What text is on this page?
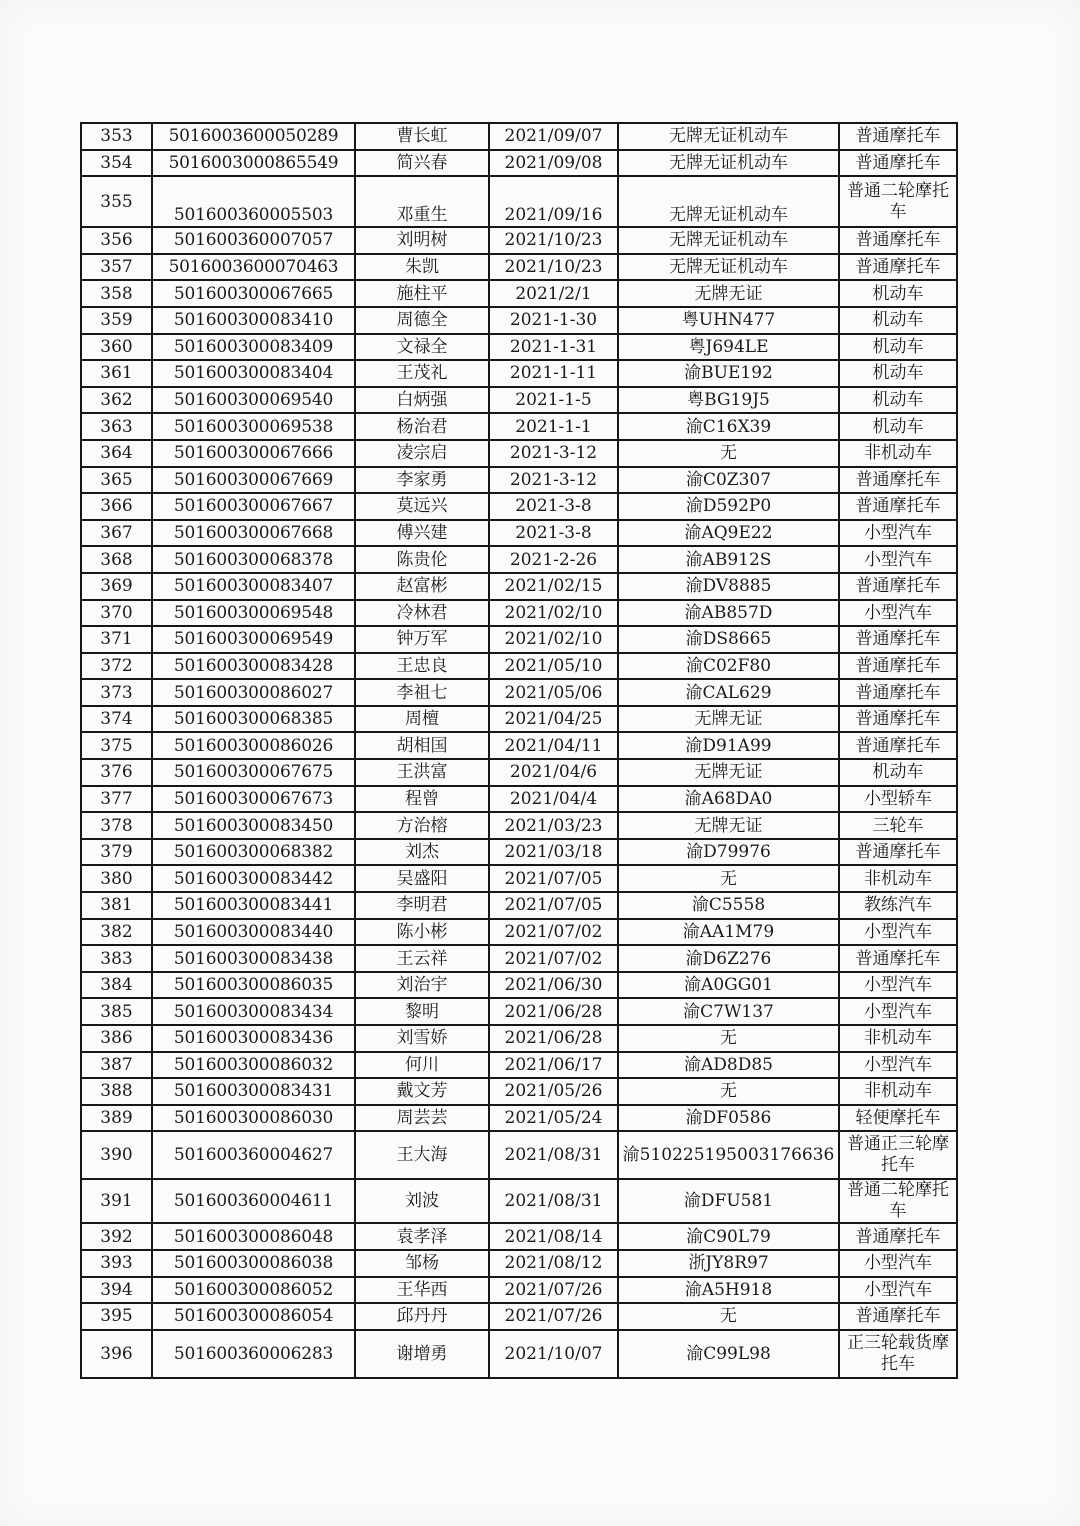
353	5016003600050289	曹长虹	2021/09/07	无牌无证机动车	普通摩托车
354	5016003000865549	简兴春	2021/09/08	无牌无证机动车	普通摩托车
355	501600360005503	邓重生	2021/09/16	无牌无证机动车	普通二轮摩托车
356	501600360007057	刘明树	2021/10/23	无牌无证机动车	普通摩托车
357	5016003600070463	朱凯	2021/10/23	无牌无证机动车	普通摩托车
358	501600300067665	施柱平	2021/2/1	无牌无证	机动车
359	501600300083410	周德全	2021-1-30	粤UHN477	机动车
360	501600300083409	文禄全	2021-1-31	粤J694LE	机动车
361	501600300083404	王茂礼	2021-1-11	渝BUE192	机动车
362	501600300069540	白炳强	2021-1-5	粤BG19J5	机动车
363	501600300069538	杨治君	2021-1-1	渝C16X39	机动车
364	501600300067666	凌宗启	2021-3-12	无	非机动车
365	501600300067669	李家勇	2021-3-12	渝C0Z307	普通摩托车
366	501600300067667	莫远兴	2021-3-8	渝D592P0	普通摩托车
367	501600300067668	傅兴建	2021-3-8	渝AQ9E22	小型汽车
368	501600300068378	陈贵伦	2021-2-26	渝AB912S	小型汽车
369	501600300083407	赵富彬	2021/02/15	渝DV8885	普通摩托车
370	501600300069548	冷林君	2021/02/10	渝AB857D	小型汽车
371	501600300069549	钟万军	2021/02/10	渝DS8665	普通摩托车
372	501600300083428	王忠良	2021/05/10	渝C02F80	普通摩托车
373	501600300086027	李祖七	2021/05/06	渝CAL629	普通摩托车
374	501600300068385	周檀	2021/04/25	无牌无证	普通摩托车
375	501600300086026	胡相国	2021/04/11	渝D91A99	普通摩托车
376	501600300067675	王洪富	2021/04/6	无牌无证	机动车
377	501600300067673	程曾	2021/04/4	渝A68DA0	小型轿车
378	501600300083450	方治榕	2021/03/23	无牌无证	三轮车
379	501600300068382	刘杰	2021/03/18	渝D79976	普通摩托车
380	501600300083442	吴盛阳	2021/07/05	无	非机动车
381	501600300083441	李明君	2021/07/05	渝C5558	教练汽车
382	501600300083440	陈小彬	2021/07/02	渝AA1M79	小型汽车
383	501600300083438	王云祥	2021/07/02	渝D6Z276	普通摩托车
384	501600300086035	刘治宇	2021/06/30	渝A0GG01	小型汽车
385	501600300083434	黎明	2021/06/28	渝C7W137	小型汽车
386	501600300083436	刘雪娇	2021/06/28	无	非机动车
387	501600300086032	何川	2021/06/17	渝AD8D85	小型汽车
388	501600300083431	戴文芳	2021/05/26	无	非机动车
389	501600300086030	周芸芸	2021/05/24	渝DF0586	轻便摩托车
390	501600360004627	王大海	2021/08/31	渝510225195003176636	普通正三轮摩托车
391	501600360004611	刘波	2021/08/31	渝DFU581	普通二轮摩托车
392	501600300086048	袁孝泽	2021/08/14	渝C90L79	普通摩托车
393	501600300086038	邹杨	2021/08/12	浙JY8R97	小型汽车
394	501600300086052	王华西	2021/07/26	渝A5H918	小型汽车
395	501600300086054	邱丹丹	2021/07/26	无	普通摩托车
396	501600360006283	谢增勇	2021/10/07	渝C99L98	正三轮载货摩托车
